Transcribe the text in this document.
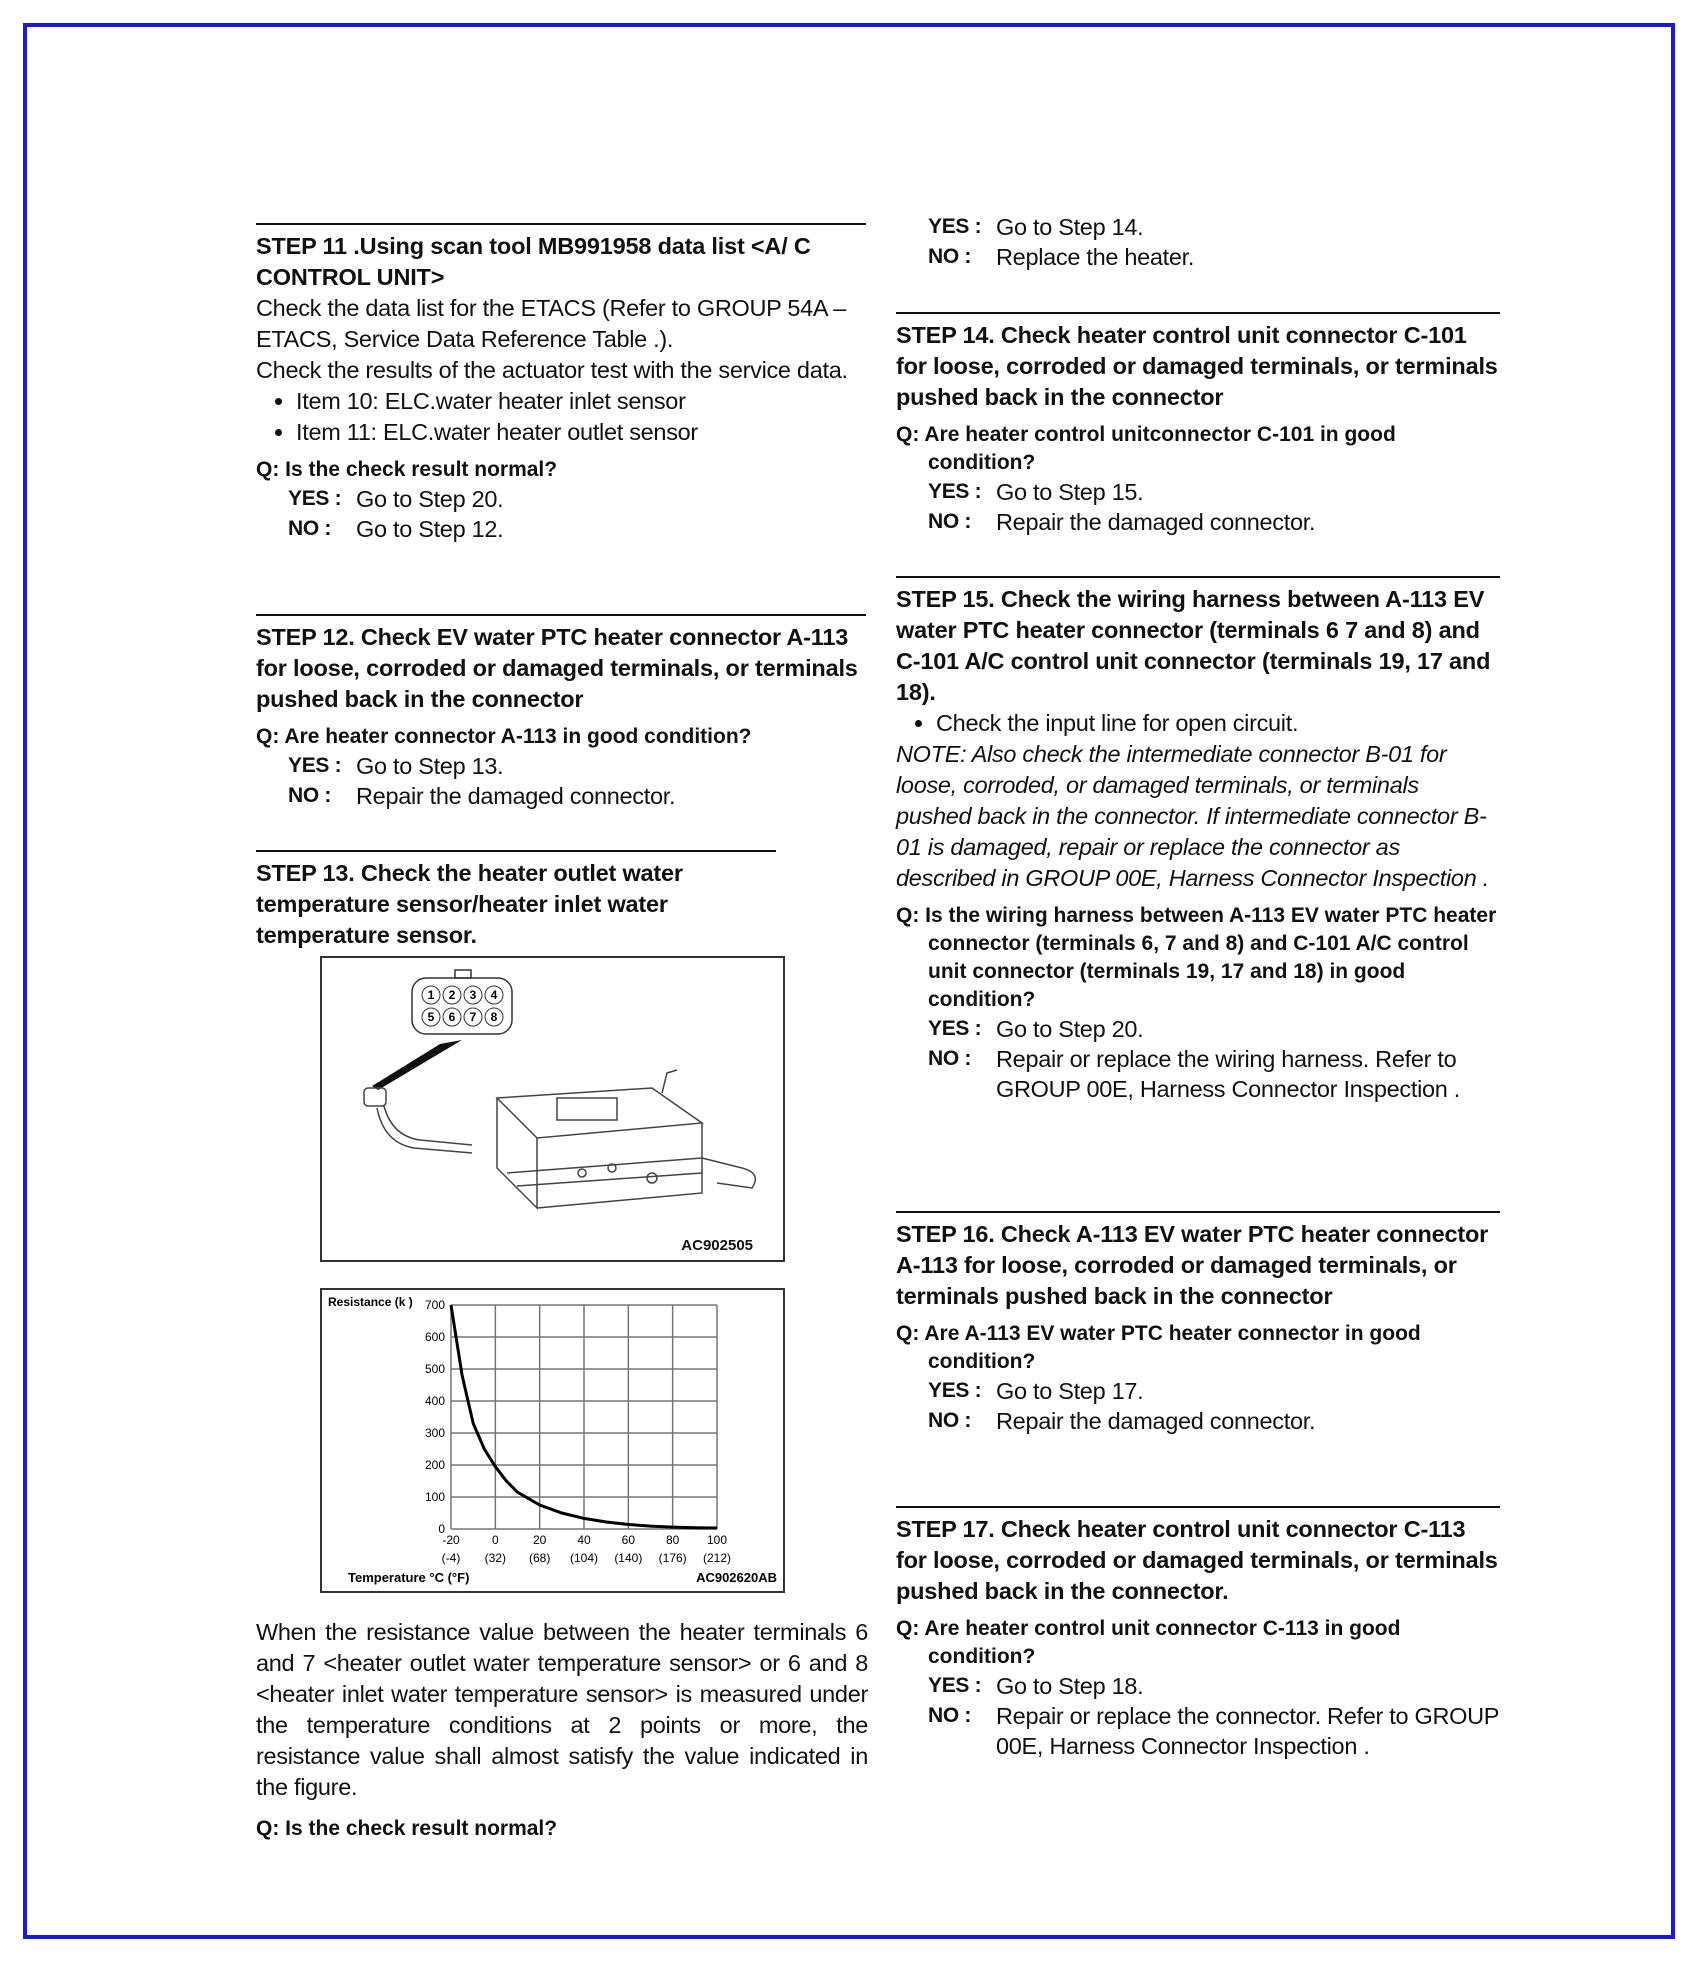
STEP 11 .Using scan tool MB991958 data list <A/ C CONTROL UNIT>
Check the data list for the ETACS (Refer to GROUP 54A – ETACS, Service Data Reference Table .).
Check the results of the actuator test with the service data.
• Item 10: ELC.water heater inlet sensor
• Item 11: ELC.water heater outlet sensor
Q: Is the check result normal?
YES : Go to Step 20.
NO :	Go to Step 12.
STEP 12. Check EV water PTC heater connector A-113 for loose, corroded or damaged terminals, or terminals pushed back in the connector
Q: Are heater connector A-113 in good condition?
YES : Go to Step 13.
NO :	Repair the damaged connector.
STEP 13. Check the heater outlet water temperature sensor/heater inlet water temperature sensor.
1 2 3 4
5 6 7 8
AC902505
Resistance (k )
-20
(-4)
0
(32)
20
(68)
40
(104)
60
(140)
80
(176)
100
(212)
0
100
200
300
400
500
600
700
Temperature °C (°F)	AC902620AB
When the resistance value between the heater terminals 6 and 7 <heater outlet water temperature sensor> or 6 and 8 <heater inlet water temperature sensor> is measured under the temperature conditions at 2 points or more, the resistance value shall almost satisfy the value indicated in the figure.
Q: Is the check result normal?
YES : Go to Step 14.
NO :	Replace the heater.
STEP 14. Check heater control unit connector C-101 for loose, corroded or damaged terminals, or terminals pushed back in the connector
Q: Are heater control unitconnector C-101 in good condition?
YES : Go to Step 15.
NO :	Repair the damaged connector.
STEP 15. Check the wiring harness between A-113 EV water PTC heater connector (terminals 6 7 and 8) and C-101 A/C control unit connector (terminals 19, 17 and 18).
• Check the input line for open circuit.
NOTE: Also check the intermediate connector B-01 for loose, corroded, or damaged terminals, or terminals pushed back in the connector. If intermediate connector B-01 is damaged, repair or replace the connector as described in GROUP 00E, Harness Connector Inspection .
Q: Is the wiring harness between A-113 EV water PTC heater connector (terminals 6, 7 and 8) and C-101 A/C control unit connector (terminals 19, 17 and 18) in good condition?
YES : Go to Step 20.
NO :	Repair or replace the wiring harness. Refer to GROUP 00E, Harness Connector Inspection .
STEP 16. Check A-113 EV water PTC heater connector A-113 for loose, corroded or damaged terminals, or terminals pushed back in the connector
Q: Are A-113 EV water PTC heater connector in good condition?
YES : Go to Step 17.
NO :	Repair the damaged connector.
STEP 17. Check heater control unit connector C-113 for loose, corroded or damaged terminals, or terminals pushed back in the connector.
Q: Are heater control unit connector C-113 in good condition?
YES : Go to Step 18.
NO :	Repair or replace the connector. Refer to GROUP 00E, Harness Connector Inspection .
